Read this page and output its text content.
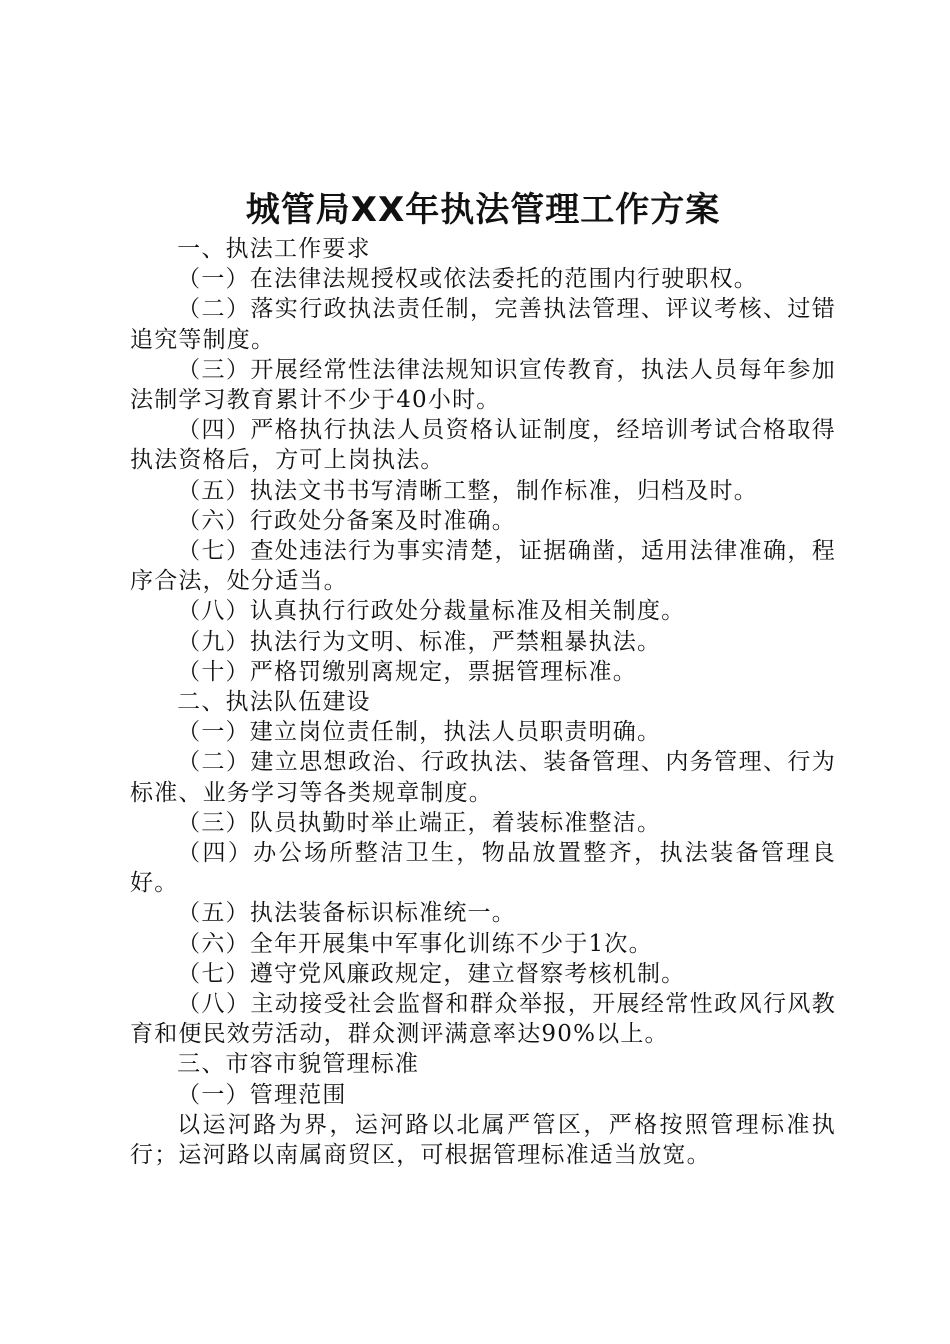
城管局XX年执法管理工作方案

一、执法工作要求

（一）在法律法规授权或依法委托的范围内行驶职权。

（二）落实行政执法责任制，完善执法管理、评议考核、过错追究等制度。

（三）开展经常性法律法规知识宣传教育，执法人员每年参加法制学习教育累计不少于40小时。

（四）严格执行执法人员资格认证制度，经培训考试合格取得执法资格后，方可上岗执法。

（五）执法文书书写清晰工整，制作标准，归档及时。

（六）行政处分备案及时准确。

（七）查处违法行为事实清楚，证据确凿，适用法律准确，程序合法，处分适当。

（八）认真执行行政处分裁量标准及相关制度。

（九）执法行为文明、标准，严禁粗暴执法。

（十）严格罚缴别离规定，票据管理标准。

二、执法队伍建设

（一）建立岗位责任制，执法人员职责明确。

（二）建立思想政治、行政执法、装备管理、内务管理、行为标准、业务学习等各类规章制度。

（三）队员执勤时举止端正，着装标准整洁。

（四）办公场所整洁卫生，物品放置整齐，执法装备管理良好。

（五）执法装备标识标准统一。

（六）全年开展集中军事化训练不少于1次。

（七）遵守党风廉政规定，建立督察考核机制。

（八）主动接受社会监督和群众举报，开展经常性政风行风教育和便民效劳活动，群众测评满意率达90%以上。

三、市容市貌管理标准

（一）管理范围

以运河路为界，运河路以北属严管区，严格按照管理标准执行；运河路以南属商贸区，可根据管理标准适当放宽。
